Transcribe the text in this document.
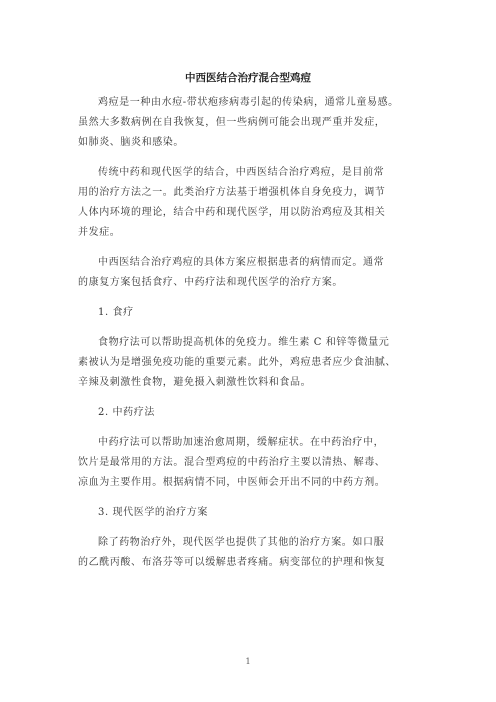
中西医结合治疗混合型鸡痘
鸡痘是一种由水痘-带状疱疹病毒引起的传染病，通常儿童易感。
虽然大多数病例在自我恢复，但一些病例可能会出现严重并发症，
如肺炎、脑炎和感染。
传统中药和现代医学的结合，中西医结合治疗鸡痘，是目前常
用的治疗方法之一。此类治疗方法基于增强机体自身免疫力，调节
人体内环境的理论，结合中药和现代医学，用以防治鸡痘及其相关
并发症。
中西医结合治疗鸡痘的具体方案应根据患者的病情而定。通常
的康复方案包括食疗、中药疗法和现代医学的治疗方案。
1. 食疗
食物疗法可以帮助提高机体的免疫力。维生素 C 和锌等微量元
素被认为是增强免疫功能的重要元素。此外，鸡痘患者应少食油腻、
辛辣及刺激性食物，避免摄入刺激性饮料和食品。
2. 中药疗法
中药疗法可以帮助加速治愈周期，缓解症状。在中药治疗中，
饮片是最常用的方法。混合型鸡痘的中药治疗主要以清热、解毒、
凉血为主要作用。根据病情不同，中医师会开出不同的中药方剂。
3. 现代医学的治疗方案
除了药物治疗外，现代医学也提供了其他的治疗方案。如口服
的乙酰丙酸、布洛芬等可以缓解患者疼痛。病变部位的护理和恢复
1
